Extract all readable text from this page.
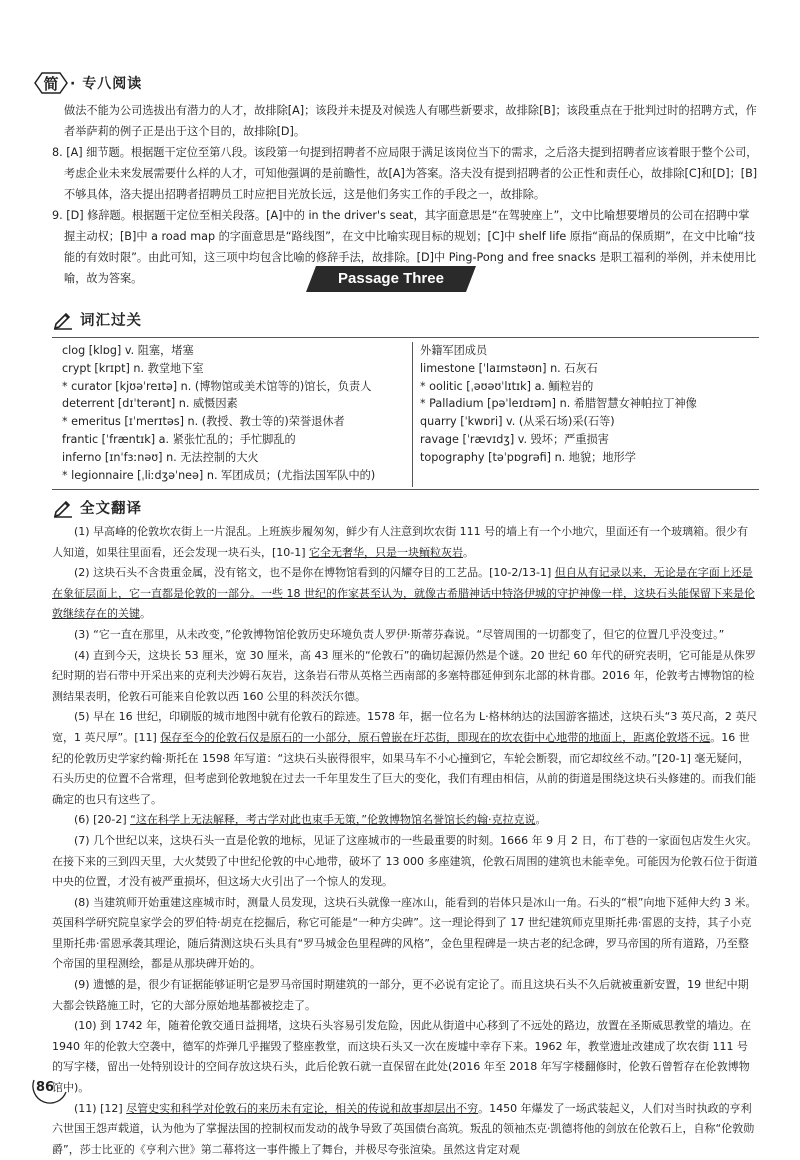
简 · 专八阅读

做法不能为公司选拔出有潜力的人才，故排除[A]；该段并未提及对候选人有哪些新要求，故排除[B]；该段重点在于批判过时的招聘方式，作者举萨莉的例子正是出于这个目的，故排除[D]。

8. [A] 细节题。根据题干定位至第八段。该段第一句提到招聘者不应局限于满足该岗位当下的需求，之后洛夫提到招聘者应该着眼于整个公司，考虑企业未来发展需要什么样的人才，可知他强调的是前瞻性，故[A]为答案。洛夫没有提到招聘者的公正性和责任心，故排除[C]和[D]；[B]不够具体，洛夫提出招聘者招聘员工时应把目光放长远，这是他们务实工作的手段之一，故排除。

9. [D] 修辞题。根据题干定位至相关段落。[A]中的 in the driver's seat，其字面意思是“在驾驶座上”，文中比喻想要增员的公司在招聘中掌握主动权；[B]中 a road map 的字面意思是“路线图”，在文中比喻实现目标的规划；[C]中 shelf life 原指“商品的保质期”，在文中比喻“技能的有效时限”。由此可知，这三项中均包含比喻的修辞手法，故排除。[D]中 Ping-Pong and free snacks 是职工福利的举例，并未使用比喻，故为答案。	Passage Three
词汇过关
clog [klɒg] v. 阻塞，堵塞
crypt [krɪpt] n. 教堂地下室
* curator [kjʊəˈreɪtə] n. (博物馆或美术馆等的)馆长，负责人
deterrent [dɪˈterənt] n. 威慑因素
* emeritus [ɪˈmerɪtəs] n. (教授、教士等的)荣誉退休者
frantic [ˈfræntɪk] a. 紧张忙乱的；手忙脚乱的
inferno [ɪnˈfɜːnəʊ] n. 无法控制的大火
* legionnaire [ˌliːdʒəˈneə] n. 军团成员；(尤指法国军队中的)
外籍军团成员
limestone [ˈlaɪmstəʊn] n. 石灰石
* oolitic [ˌəʊəʊˈlɪtɪk] a. 鲕粒岩的
* Palladium [pəˈleɪdɪəm] n. 希腊智慧女神帕拉丁神像
quarry [ˈkwɒri] v. (从采石场)采(石等)
ravage [ˈrævɪdʒ] v. 毁坏；严重损害
topography [təˈpɒgrəfi] n. 地貌；地形学
全文翻译

(1) 早高峰的伦敦坎农街上一片混乱。上班族步履匆匆，鲜少有人注意到坎农街 111 号的墙上有一个小地穴，里面还有一个玻璃箱。很少有人知道，如果往里面看，还会发现一块石头，[10-1] 它全无奢华，只是一块鲕粒灰岩。

(2) 这块石头不含贵重金属，没有铭文，也不是你在博物馆看到的闪耀夺目的工艺品。[10-2/13-1] 但自从有记录以来，无论是在字面上还是在象征层面上，它一直都是伦敦的一部分。一些 18 世纪的作家甚至认为，就像古希腊神话中特洛伊城的守护神像一样，这块石头能保留下来是伦敦继续存在的关键。

(3) “它一直在那里，从未改变，”伦敦博物馆伦敦历史环境负责人罗伊·斯蒂芬森说。“尽管周围的一切都变了，但它的位置几乎没变过。”

(4) 直到今天，这块长 53 厘米，宽 30 厘米，高 43 厘米的“伦敦石”的确切起源仍然是个谜。20 世纪 60 年代的研究表明，它可能是从侏罗纪时期的岩石带中开采出来的克利夫沙姆石灰岩，这条岩石带从英格兰西南部的多塞特郡延伸到东北部的林肯郡。2016 年，伦敦考古博物馆的检测结果表明，伦敦石可能来自伦敦以西 160 公里的科茨沃尔德。

(5) 早在 16 世纪，印刷版的城市地图中就有伦敦石的踪迹。1578 年，据一位名为 L·格林纳达的法国游客描述，这块石头“3 英尺高，2 英尺宽，1 英尺厚”。[11] 保存至今的伦敦石仅是原石的一小部分，原石曾嵌在圩芯街，即现在的坎农街中心地带的地面上，距离伦敦塔不远。16 世纪的伦敦历史学家约翰·斯托在 1598 年写道：“这块石头嵌得很牢，如果马车不小心撞到它，车轮会断裂，而它却纹丝不动。”[20-1] 毫无疑问，石头历史的位置不合常理，但考虑到伦敦地貌在过去一千年里发生了巨大的变化，我们有理由相信，从前的街道是围绕这块石头修建的。而我们能确定的也只有这些了。

(6) [20-2] “这在科学上无法解释，考古学对此也束手无策，”伦敦博物馆名誉馆长约翰·克拉克说。

(7) 几个世纪以来，这块石头一直是伦敦的地标，见证了这座城市的一些最重要的时刻。1666 年 9 月 2 日，布丁巷的一家面包店发生火灾。在接下来的三到四天里，大火焚毁了中世纪伦敦的中心地带，破坏了 13 000 多座建筑，伦敦石周围的建筑也未能幸免。可能因为伦敦石位于街道中央的位置，才没有被严重损坏，但这场大火引出了一个惊人的发现。

(8) 当建筑师开始重建这座城市时，测量人员发现，这块石头就像一座冰山，能看到的岩体只是冰山一角。石头的“根”向地下延伸大约 3 米。英国科学研究院皇家学会的罗伯特·胡克在挖掘后，称它可能是“一种方尖碑”。这一理论得到了 17 世纪建筑师克里斯托弗·雷恩的支持，其子小克里斯托弗·雷恩承袭其理论，随后猜测这块石头具有“罗马城金色里程碑的风格”，金色里程碑是一块古老的纪念碑，罗马帝国的所有道路，乃至整个帝国的里程测绘，都是从那块碑开始的。

(9) 遗憾的是，很少有证据能够证明它是罗马帝国时期建筑的一部分，更不必说有定论了。而且这块石头不久后就被重新安置，19 世纪中期大都会铁路施工时，它的大部分原始地基都被挖走了。

(10) 到 1742 年，随着伦敦交通日益拥堵，这块石头容易引发危险，因此从街道中心移到了不远处的路边，放置在圣斯威思教堂的墙边。在 1940 年的伦敦大空袭中，德军的炸弹几乎摧毁了整座教堂，而这块石头又一次在废墟中幸存下来。1962 年，教堂遗址改建成了坎农街 111 号的写字楼，留出一处特别设计的空间存放这块石头，此后伦敦石就一直保留在此处(2016 年至 2018 年写字楼翻修时，伦敦石曾暂存在伦敦博物馆中)。

(11) [12] 尽管史实和科学对伦敦石的来历未有定论，相关的传说和故事却层出不穷。1450 年爆发了一场武装起义，人们对当时执政的亨利六世国王怨声载道，认为他为了掌握法国的控制权而发动的战争导致了英国债台高筑。叛乱的领袖杰克·凯德将他的剑放在伦敦石上，自称“伦敦勋爵”，莎士比亚的《亨利六世》第二幕将这一事件搬上了舞台，并极尽夸张渲染。虽然这肯定对观

86
